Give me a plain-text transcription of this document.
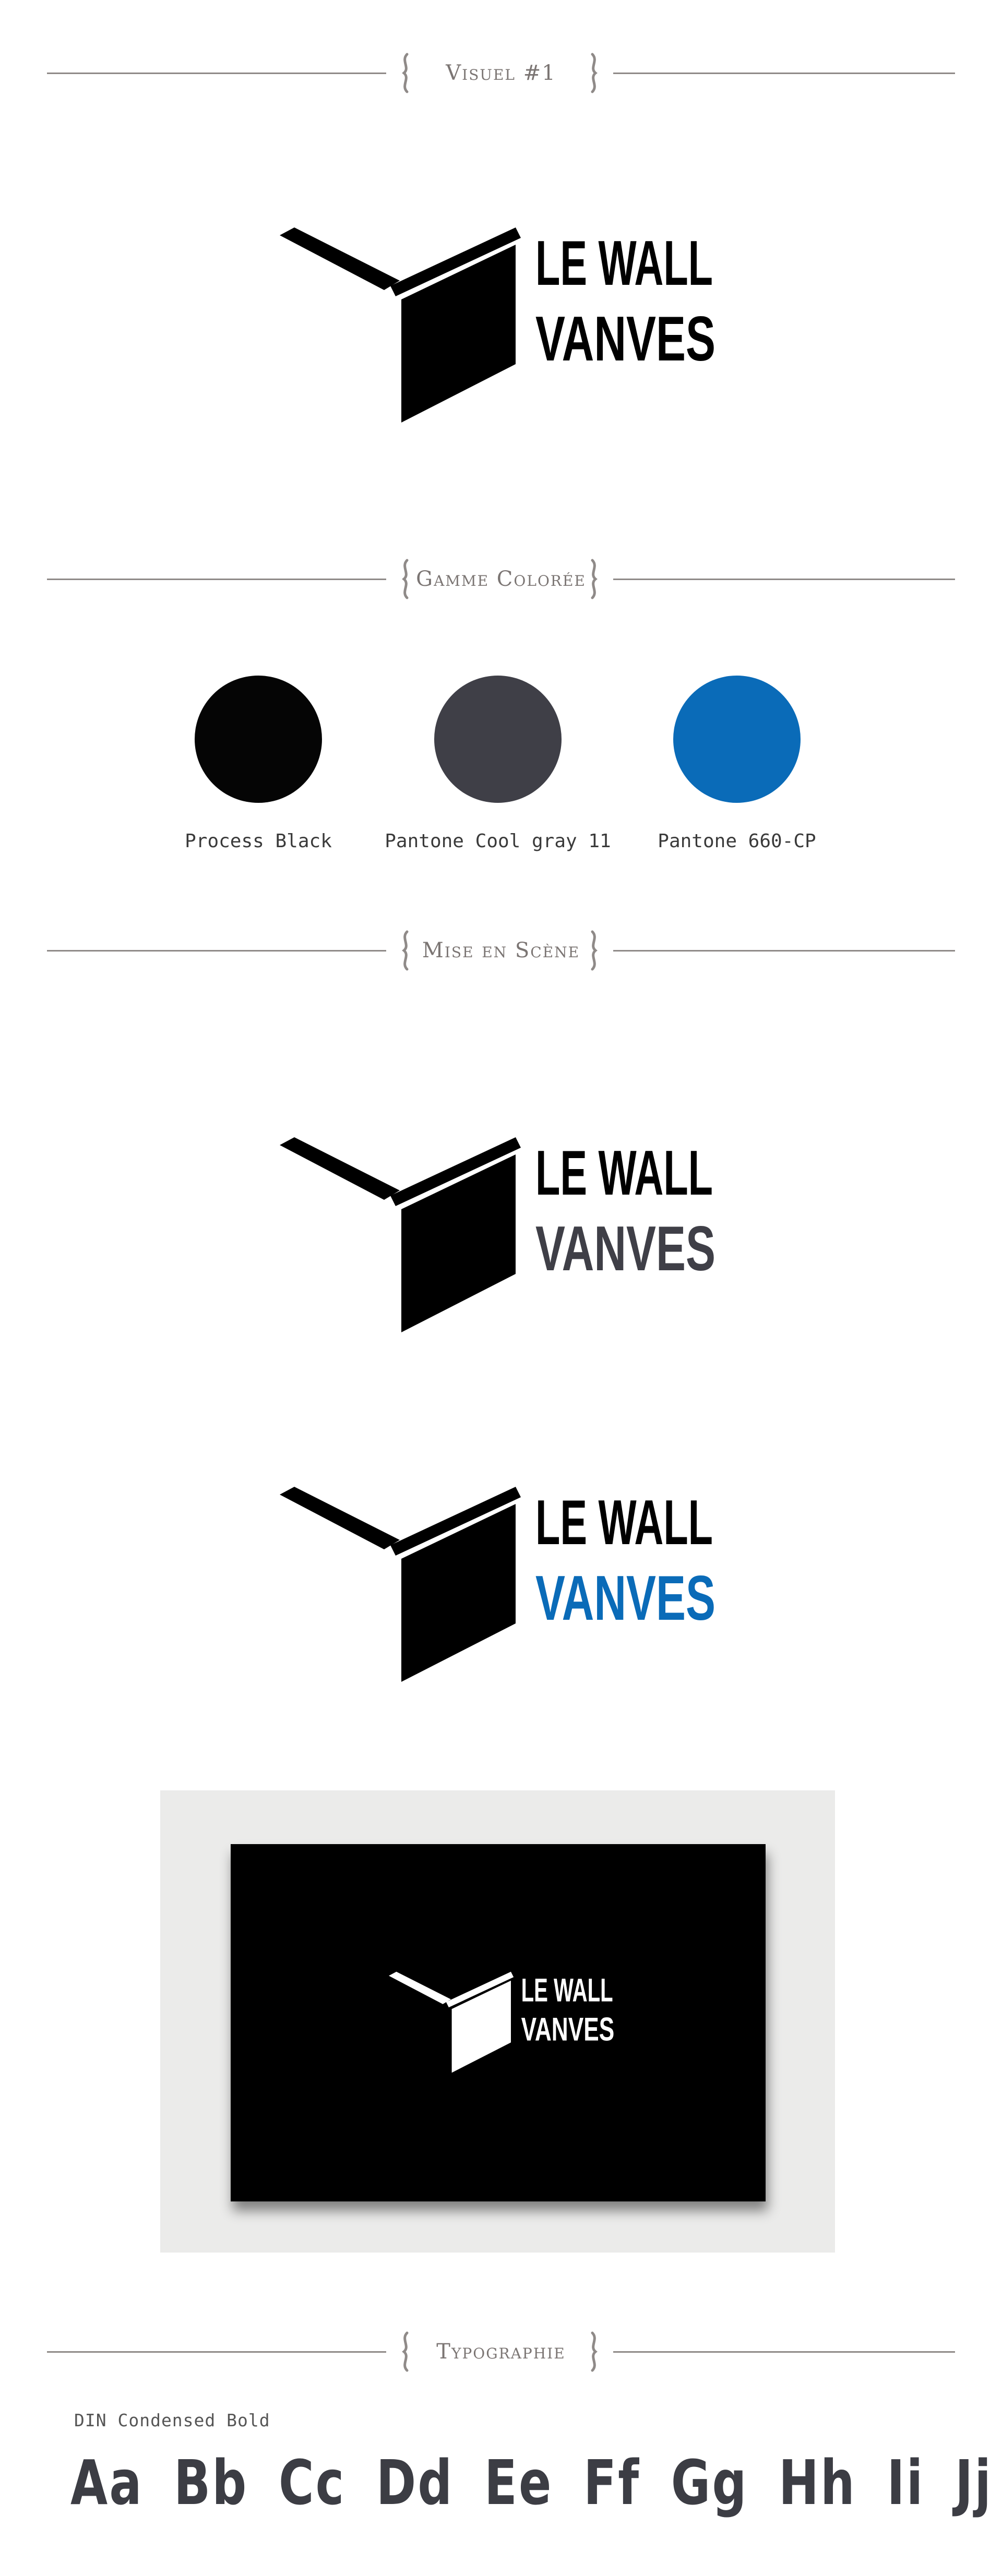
Visuel #1
LE WALL
VANVES
Gamme Colorée
Process Black	Pantone Cool gray 11	Pantone 660-CP
Mise en Scène
LE WALL
VANVES
LE WALL
VANVES
LE WALL
VANVES
Typographie
DIN Condensed Bold
Aa Bb Cc Dd Ee Ff Gg Hh Ii Jj
